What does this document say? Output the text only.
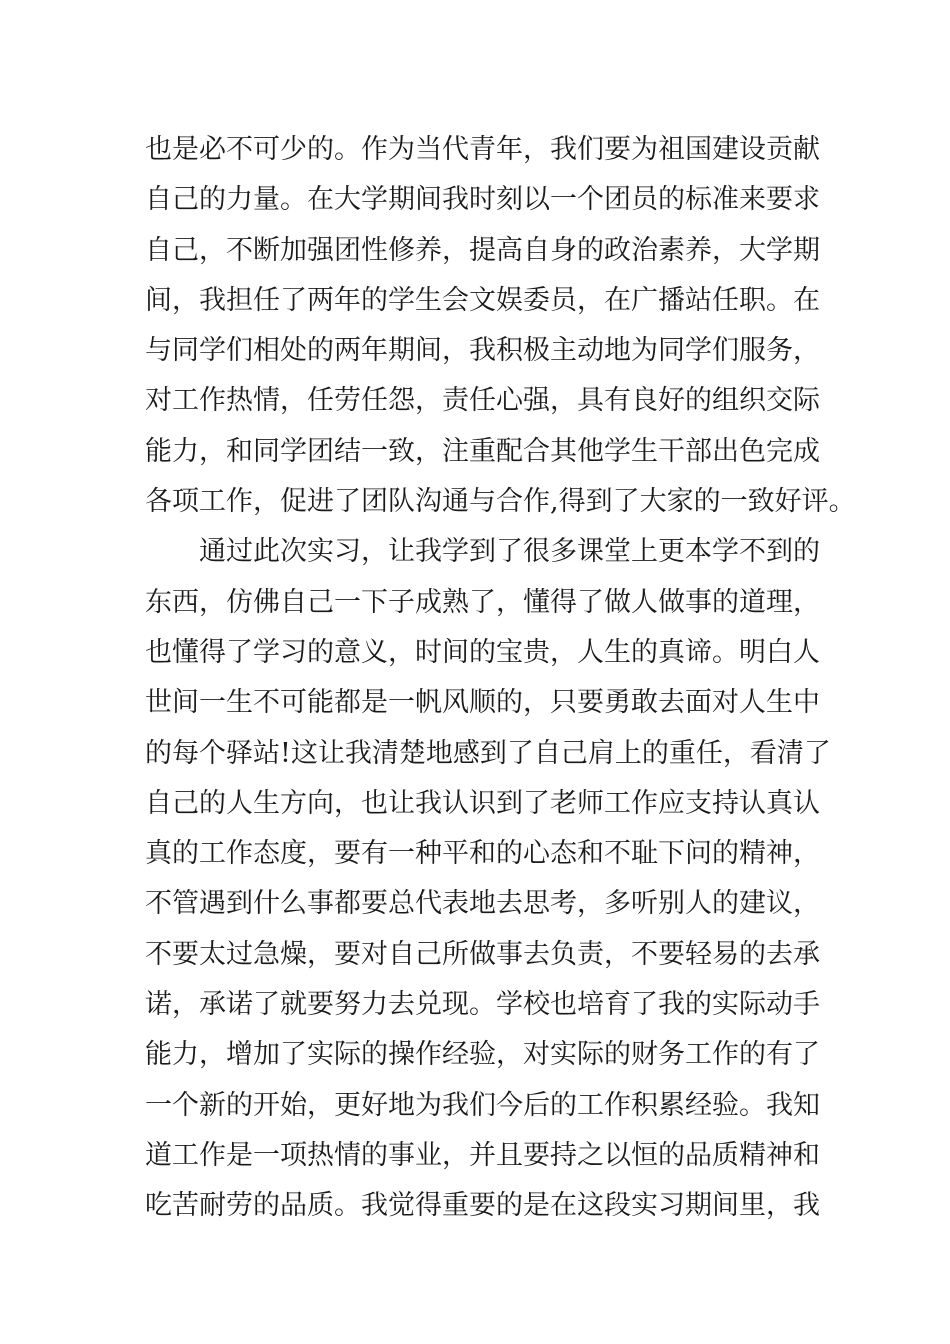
也是必不可少的。作为当代青年，我们要为祖国建设贡献
自己的力量。在大学期间我时刻以一个团员的标准来要求
自己，不断加强团性修养，提高自身的政治素养，大学期
间，我担任了两年的学生会文娱委员，在广播站任职。在
与同学们相处的两年期间，我积极主动地为同学们服务，
对工作热情，任劳任怨，责任心强，具有良好的组织交际
能力，和同学团结一致，注重配合其他学生干部出色完成
各项工作，促进了团队沟通与合作,得到了大家的一致好评。
通过此次实习，让我学到了很多课堂上更本学不到的
东西，仿佛自己一下子成熟了，懂得了做人做事的道理，
也懂得了学习的意义，时间的宝贵，人生的真谛。明白人
世间一生不可能都是一帆风顺的，只要勇敢去面对人生中
的每个驿站!这让我清楚地感到了自己肩上的重任，看清了
自己的人生方向，也让我认识到了老师工作应支持认真认
真的工作态度，要有一种平和的心态和不耻下问的精神，
不管遇到什么事都要总代表地去思考，多听别人的建议，
不要太过急燥，要对自己所做事去负责，不要轻易的去承
诺，承诺了就要努力去兑现。学校也培育了我的实际动手
能力，增加了实际的操作经验，对实际的财务工作的有了
一个新的开始，更好地为我们今后的工作积累经验。我知
道工作是一项热情的事业，并且要持之以恒的品质精神和
吃苦耐劳的品质。我觉得重要的是在这段实习期间里，我
